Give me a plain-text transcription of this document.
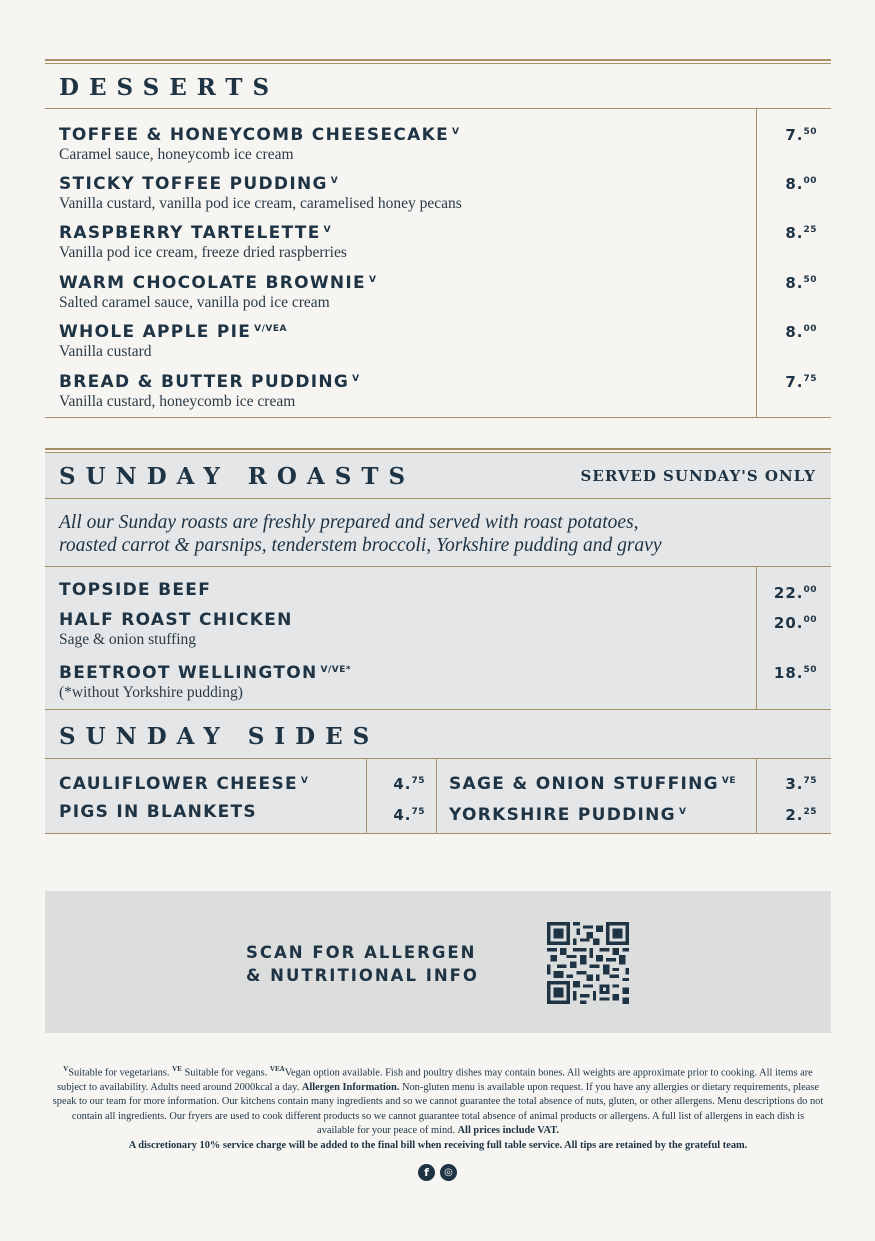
DESSERTS
TOFFEE & HONEYCOMB CHEESECAKE $^V$
Caramel sauce, honeycomb ice cream
7.50
STICKY TOFFEE PUDDING $^V$
Vanilla custard, vanilla pod ice cream, caramelised honey pecans
8.00
RASPBERRY TARTELETTE $^V$
Vanilla pod ice cream, freeze dried raspberries
8.25
WARM CHOCOLATE BROWNIE $^V$
Salted caramel sauce, vanilla pod ice cream
8.50
WHOLE APPLE PIE $^{V/VEA}$
Vanilla custard
8.00
BREAD & BUTTER PUDDING $^V$
Vanilla custard, honeycomb ice cream
7.75
SUNDAY ROASTS	SERVED SUNDAY'S ONLY
All our Sunday roasts are freshly prepared and served with roast potatoes,
roasted carrot & parsnips, tenderstem broccoli, Yorkshire pudding and gravy
TOPSIDE BEEF	22.00
HALF ROAST CHICKEN
Sage & onion stuffing
20.00
BEETROOT WELLINGTON $^{V/VE*}$
(*without Yorkshire pudding)
18.50
SUNDAY SIDES
CAULIFLOWER CHEESE $^V$	4.75
PIGS IN BLANKETS	4.75
SAGE & ONION STUFFING $^{VE}$	3.75
YORKSHIRE PUDDING $^V$	2.25
SCAN FOR ALLERGEN
& NUTRITIONAL INFO
$^V$Suitable for vegetarians. $^{VE}$ Suitable for vegans. $^{VEA}$Vegan option available. Fish and poultry dishes may contain bones. All weights are approximate prior to cooking. All items are subject to availability. Adults need around 2000kcal a day. Allergen Information. Non-gluten menu is available upon request. If you have any allergies or dietary requirements, please speak to our team for more information. Our kitchens contain many ingredients and so we cannot guarantee the total absence of nuts, gluten, or other allergens. Menu descriptions do not contain all ingredients. Our fryers are used to cook different products so we cannot guarantee total absence of animal products or allergens. A full list of allergens in each dish is available for your peace of mind. All prices include VAT.
A discretionary 10% service charge will be added to the final bill when receiving full table service. All tips are retained by the grateful team.
f	◎
